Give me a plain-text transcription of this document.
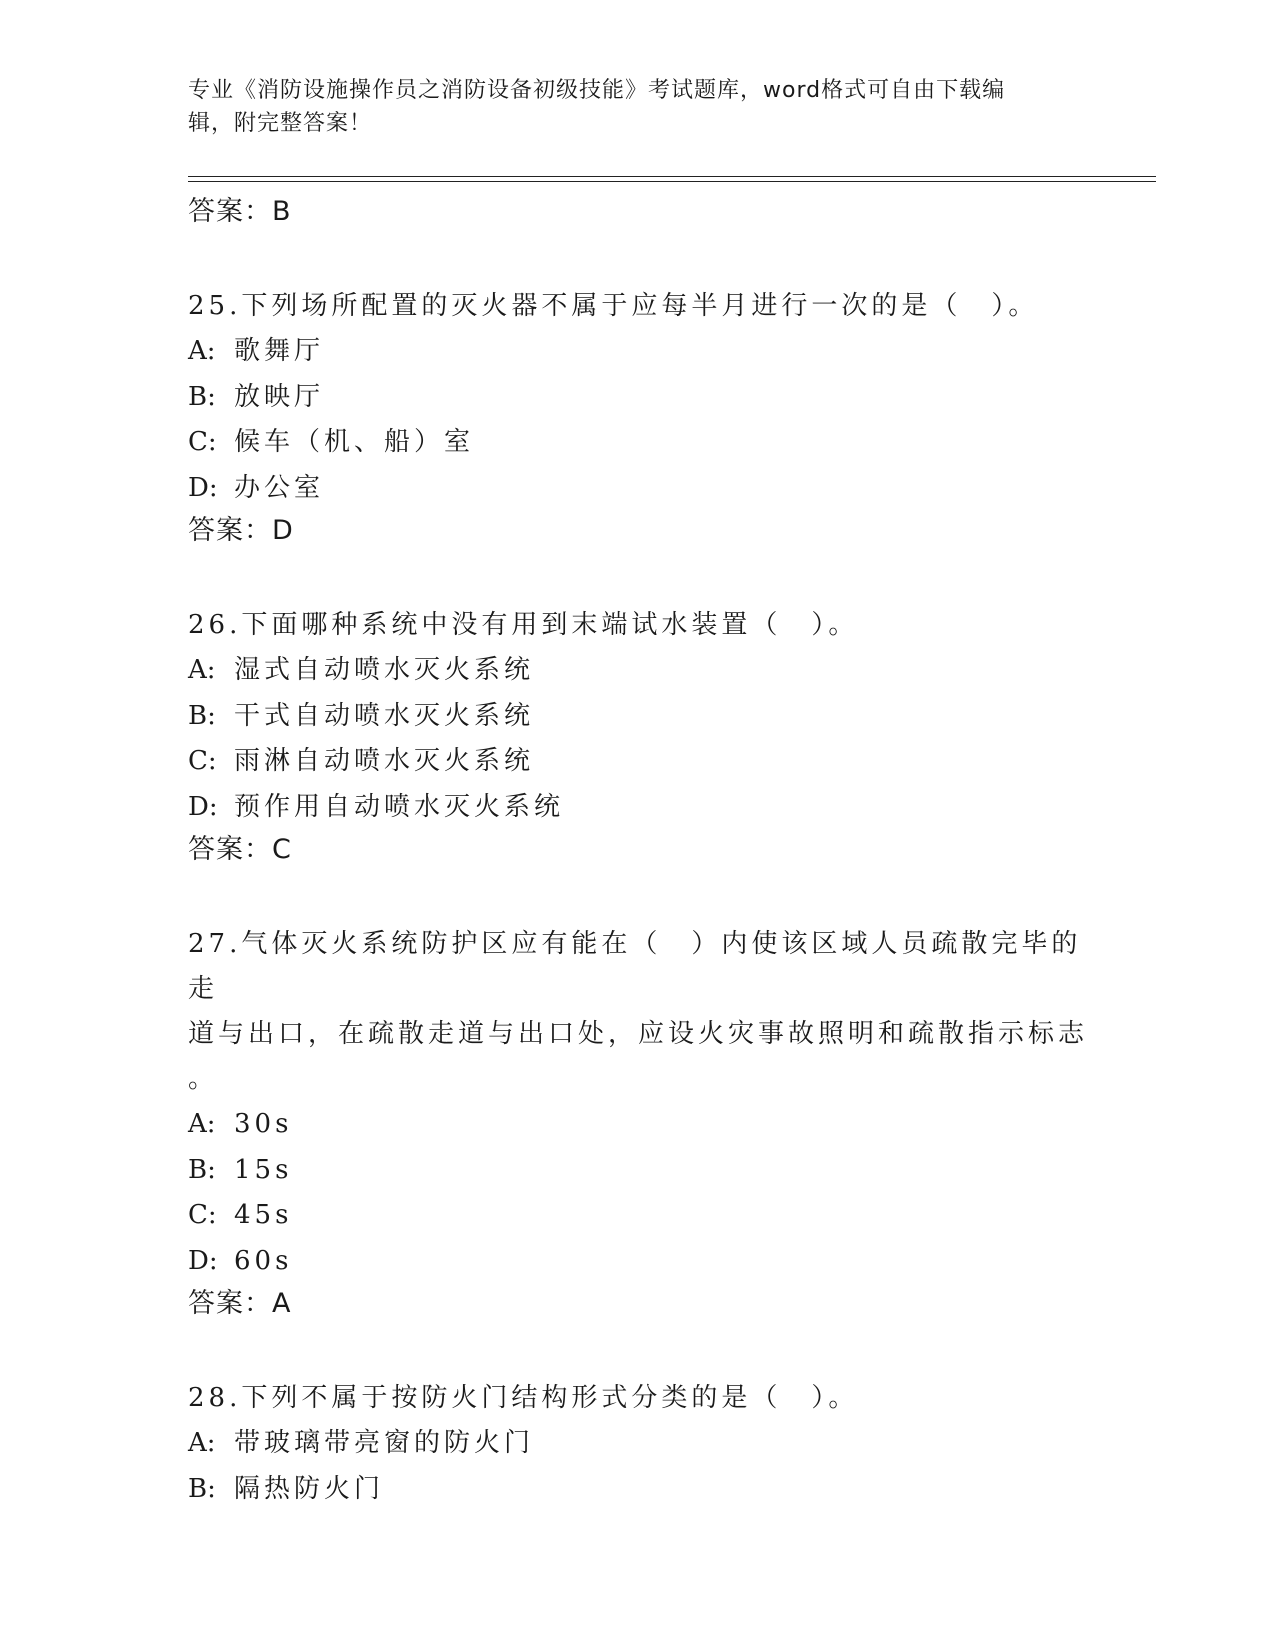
专业《消防设施操作员之消防设备初级技能》考试题库，word格式可自由下载编
辑，附完整答案！
答案：B
25.下列场所配置的灭火器不属于应每半月进行一次的是（　）。
A: 歌舞厅
B: 放映厅
C: 候车（机、船）室
D: 办公室
答案：D
26.下面哪种系统中没有用到末端试水装置（　）。
A: 湿式自动喷水灭火系统
B: 干式自动喷水灭火系统
C: 雨淋自动喷水灭火系统
D: 预作用自动喷水灭火系统
答案：C
27.气体灭火系统防护区应有能在（　）内使该区域人员疏散完毕的走
道与出口，在疏散走道与出口处，应设火灾事故照明和疏散指示标志
。
A: 30s
B: 15s
C: 45s
D: 60s
答案：A
28.下列不属于按防火门结构形式分类的是（　）。
A: 带玻璃带亮窗的防火门
B: 隔热防火门
